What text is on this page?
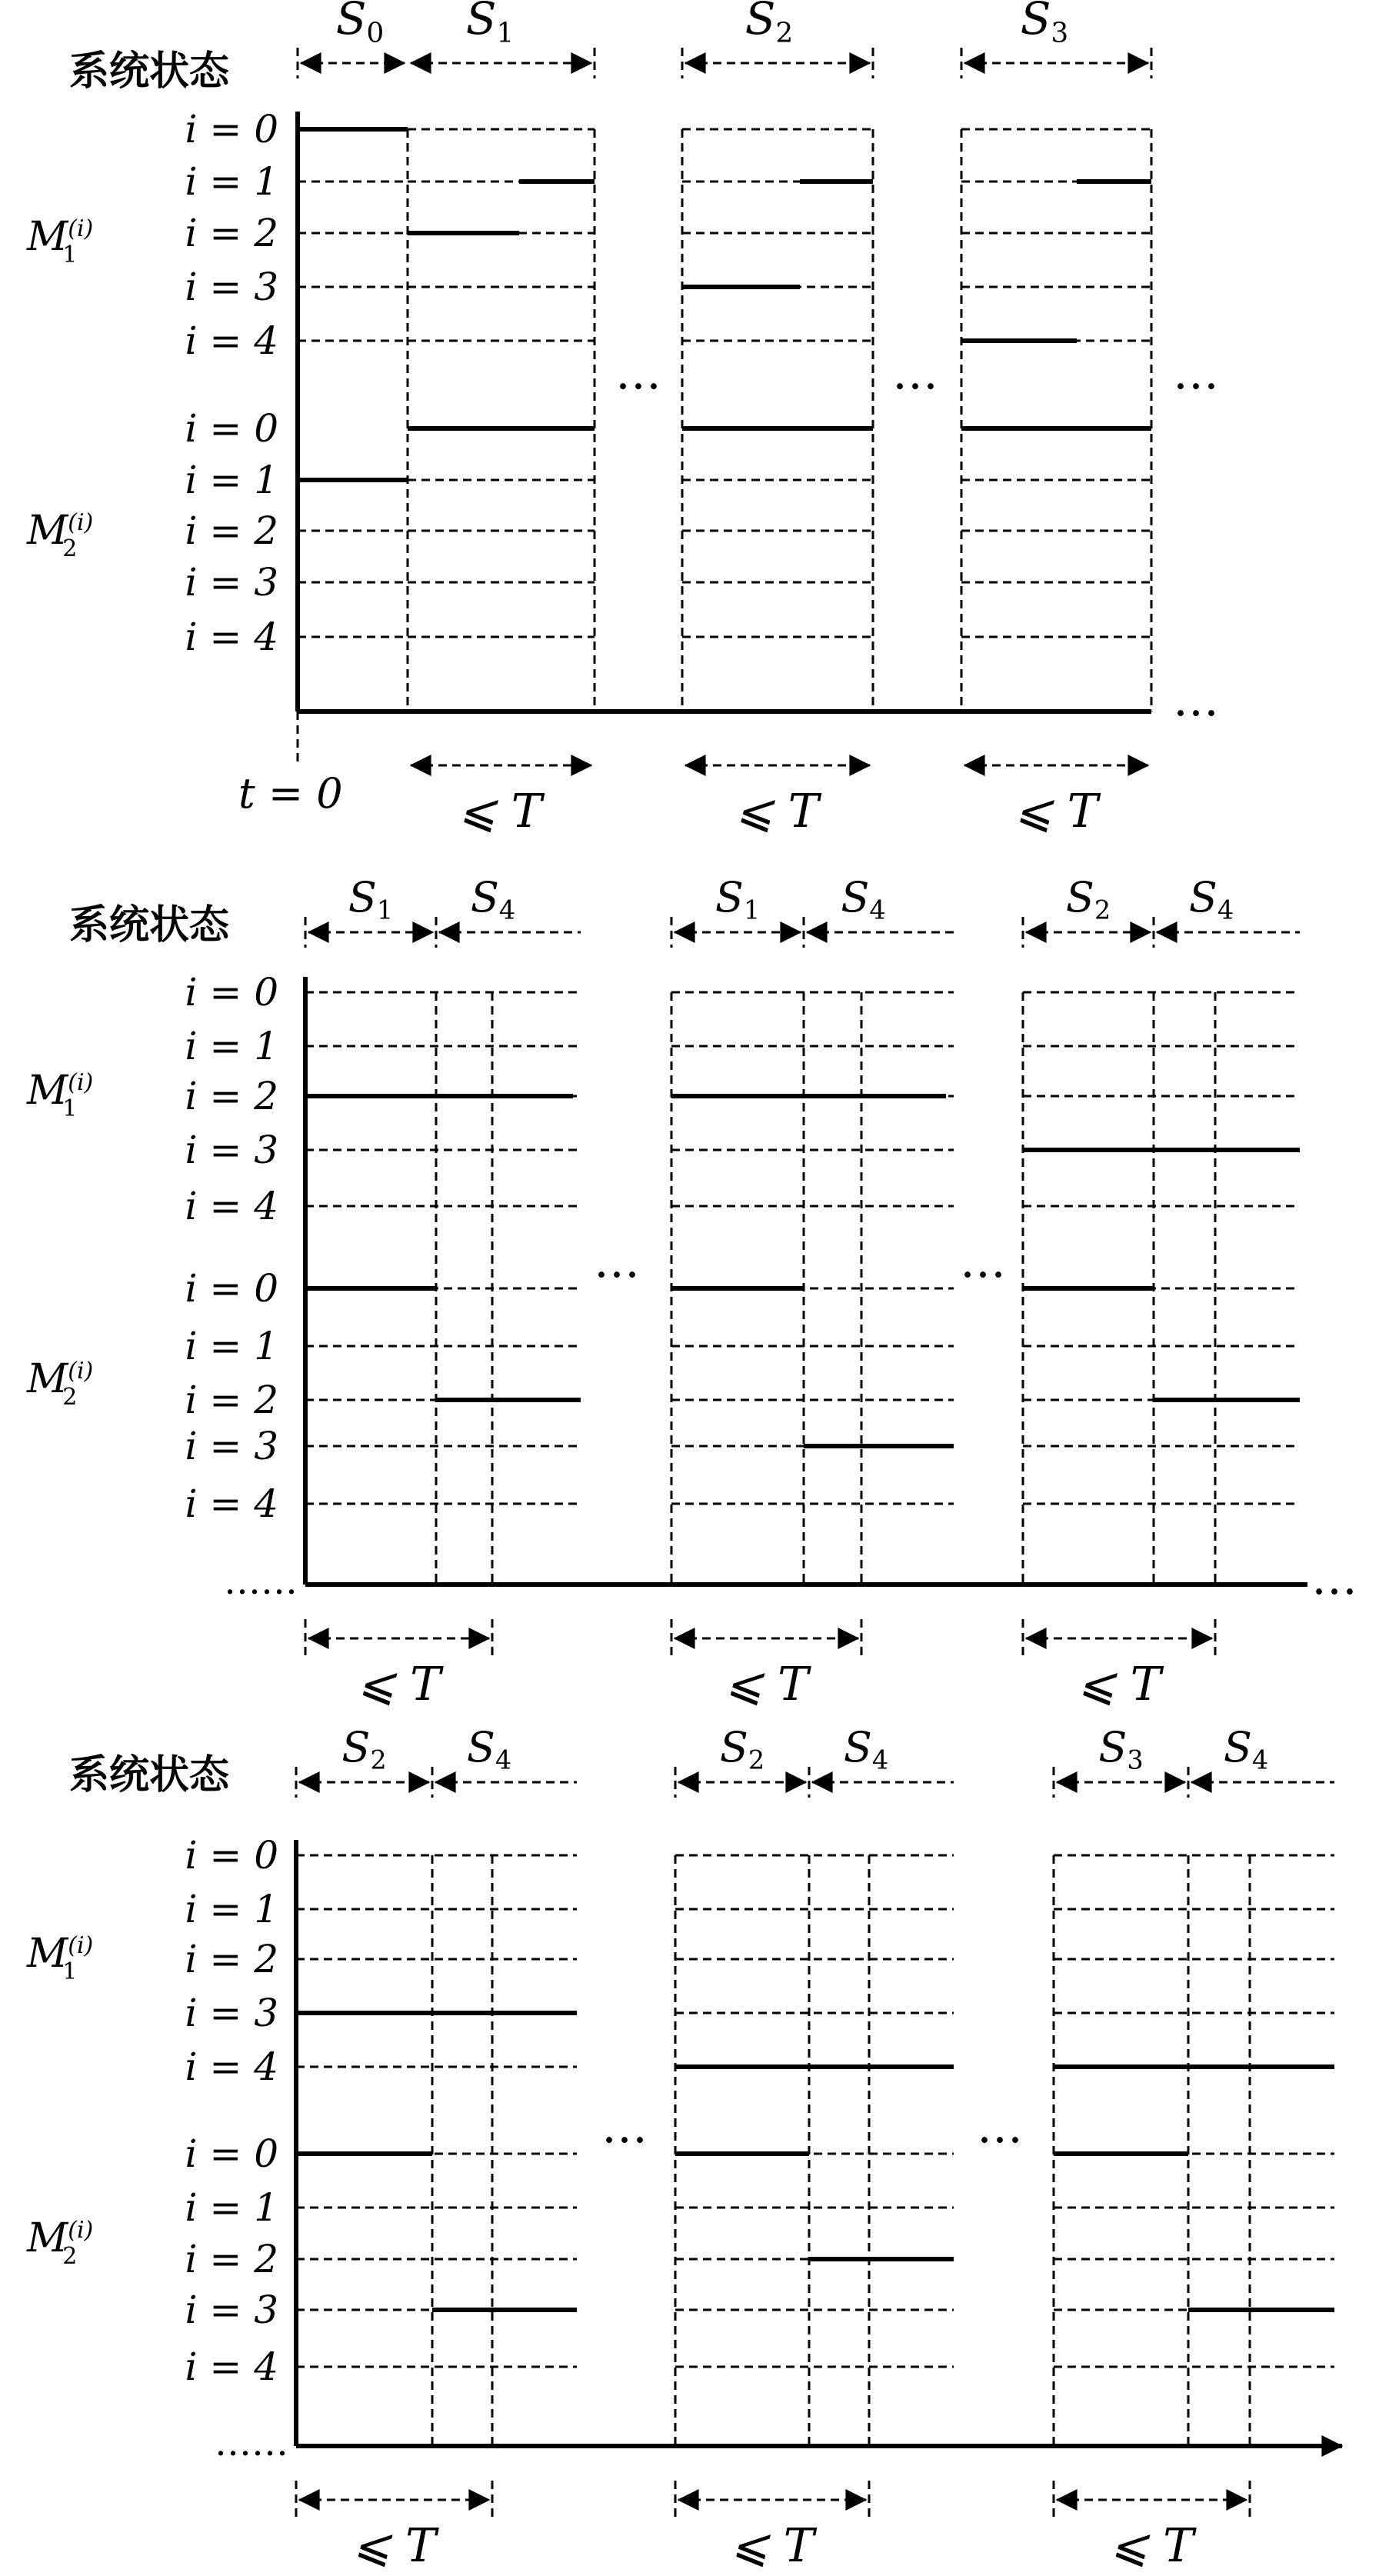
系统状态
S0 S1	S2	S3
$M^{(i)}$ 1
$M^{(i)}$ 2
i = 0
i = 1
i = 2
i = 3
i = 4
i = 0
i = 1
i = 2
i = 3
i = 4
…	…	…
…
⩽ T	⩽ T	⩽ T
t = 0
系统状态
$M^{(i)}$ 1
$M^{(i)}$ 2
i = 0
i = 1
i = 2
i = 3
i = 4
i = 0
i = 1
i = 2
i = 3
i = 4
S1 S4
⩽ T
S1 S4
⩽ T
S2 S4
⩽ T
…
……
…	…
系统状态
$M^{(i)}$ 1
$M^{(i)}$ 2
i = 0
i = 1
i = 2
i = 3
i = 4
i = 0
i = 1
i = 2
i = 3
i = 4
S2 S4
⩽ T
S2 S4
⩽ T
S3 S4
⩽ T
……
…	…
